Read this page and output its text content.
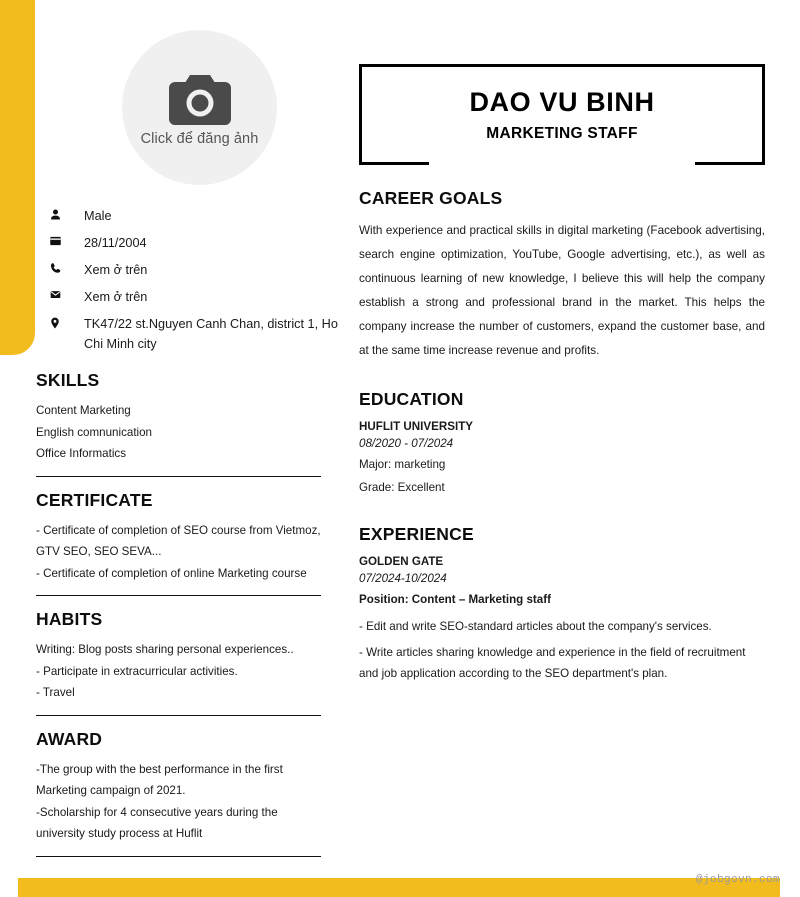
Click để đăng ảnh
Male
28/11/2004
Xem ở trên
Xem ở trên
TK47/22 st.Nguyen Canh Chan, district 1, Ho Chi Minh city
SKILLS

Content Marketing

English comnunication

Office Informatics

CERTIFICATE

- Certificate of completion of SEO course from Vietmoz, GTV SEO, SEO SEVA...

- Certificate of completion of online Marketing course

HABITS

Writing: Blog posts sharing personal experiences..

- Participate in extracurricular activities.

- Travel

AWARD

-The group with the best performance in the first Marketing campaign of 2021.

-Scholarship for 4 consecutive years during the university study process at Huflit

DAO VU BINH
MARKETING STAFF
CAREER GOALS

With experience and practical skills in digital marketing (Facebook advertising, search engine optimization, YouTube, Google advertising, etc.), as well as continuous learning of new knowledge, I believe this will help the company establish a strong and professional brand in the market. This helps the company increase the number of customers, expand the customer base, and at the same time increase revenue and profits.

EDUCATION

HUFLIT UNIVERSITY

08/2020 - 07/2024

Major: marketing

Grade: Excellent

EXPERIENCE

GOLDEN GATE

07/2024-10/2024

Position: Content – Marketing staff

- Edit and write SEO-standard articles about the company's services.

- Write articles sharing knowledge and experience in the field of recruitment and job application according to the SEO department's plan.

@jobgovn.com
